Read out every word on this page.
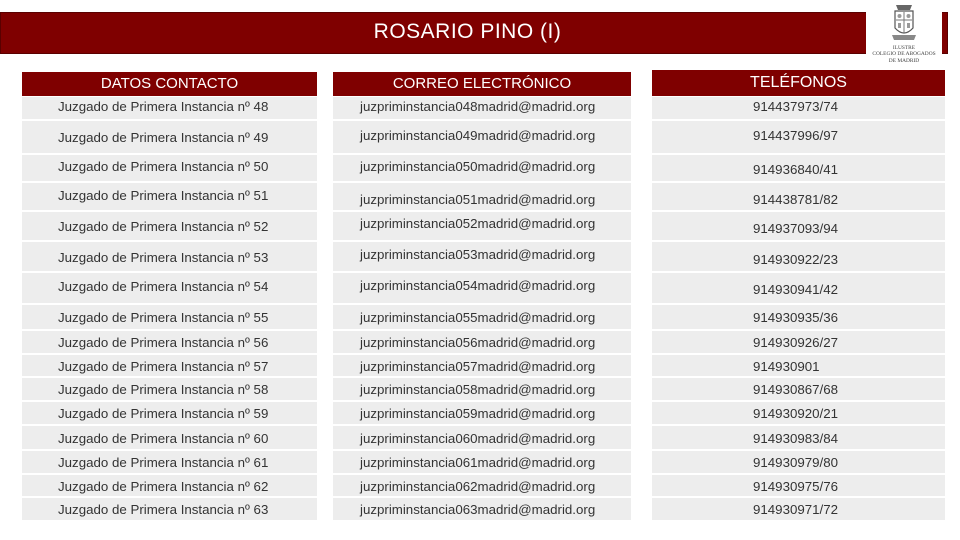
ROSARIO PINO (I)
ILUSTRE
COLEGIO DE ABOGADOS
DE MADRID
DATOS CONTACTO	CORREO ELECTRÓNICO	TELÉFONOS
Juzgado de Primera Instancia nº 48	juzpriminstancia048madrid@madrid.org	914437973/74
Juzgado de Primera Instancia nº 49	juzpriminstancia049madrid@madrid.org	914437996/97
Juzgado de Primera Instancia nº 50	juzpriminstancia050madrid@madrid.org	914936840/41
Juzgado de Primera Instancia nº 51	juzpriminstancia051madrid@madrid.org	914438781/82
Juzgado de Primera Instancia nº 52	juzpriminstancia052madrid@madrid.org	914937093/94
Juzgado de Primera Instancia nº 53	juzpriminstancia053madrid@madrid.org	914930922/23
Juzgado de Primera Instancia nº 54	juzpriminstancia054madrid@madrid.org	914930941/42
Juzgado de Primera Instancia nº 55	juzpriminstancia055madrid@madrid.org	914930935/36
Juzgado de Primera Instancia nº 56	juzpriminstancia056madrid@madrid.org	914930926/27
Juzgado de Primera Instancia nº 57	juzpriminstancia057madrid@madrid.org	914930901
Juzgado de Primera Instancia nº 58	juzpriminstancia058madrid@madrid.org	914930867/68
Juzgado de Primera Instancia nº 59	juzpriminstancia059madrid@madrid.org	914930920/21
Juzgado de Primera Instancia nº 60	juzpriminstancia060madrid@madrid.org	914930983/84
Juzgado de Primera Instancia nº 61	juzpriminstancia061madrid@madrid.org	914930979/80
Juzgado de Primera Instancia nº 62	juzpriminstancia062madrid@madrid.org	914930975/76
Juzgado de Primera Instancia nº 63	juzpriminstancia063madrid@madrid.org	914930971/72
